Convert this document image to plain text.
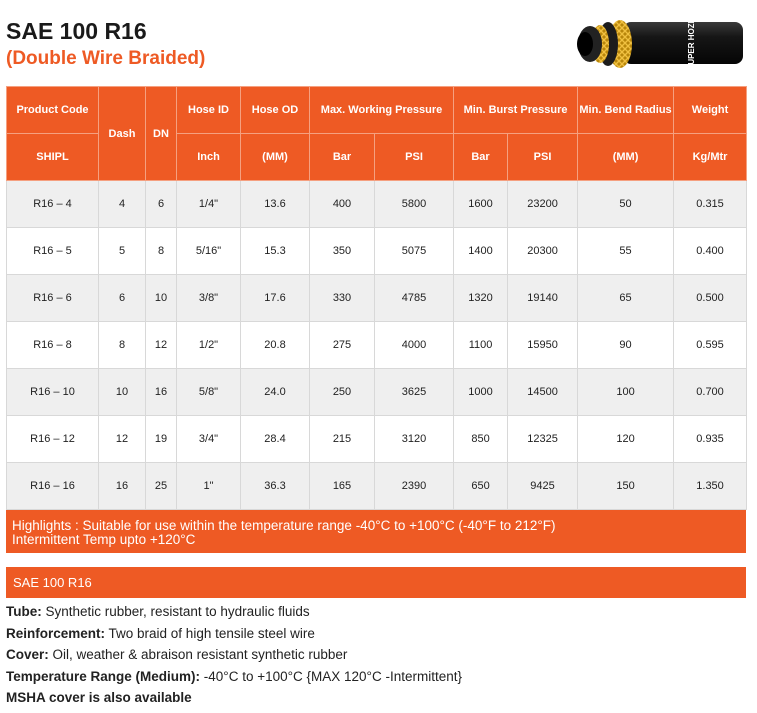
SAE 100 R16
(Double Wire Braided)	SUPER HOZE
Product Code	Dash	DN	Hose ID	Hose OD	Max. Working Pressure		Min. Burst Pressure		Min. Bend Radius	Weight
SHIPL			Inch	(MM)	Bar	PSI	Bar	PSI	(MM)	Kg/Mtr
R16 – 4	4	6	1/4"	13.6	400	5800	1600	23200	50	0.315
R16 – 5	5	8	5/16"	15.3	350	5075	1400	20300	55	0.400
R16 – 6	6	10	3/8"	17.6	330	4785	1320	19140	65	0.500
R16 – 8	8	12	1/2"	20.8	275	4000	1100	15950	90	0.595
R16 – 10	10	16	5/8"	24.0	250	3625	1000	14500	100	0.700
R16 – 12	12	19	3/4"	28.4	215	3120	850	12325	120	0.935
R16 – 16	16	25	1"	36.3	165	2390	650	9425	150	1.350
Highlights : Suitable for use within the temperature range -40°C to +100°C (-40°F to 212°F)
Intermittent Temp upto +120°C
SAE 100 R16
Tube: Synthetic rubber, resistant to hydraulic fluids
Reinforcement: Two braid of high tensile steel wire
Cover: Oil, weather & abraison resistant synthetic rubber
Temperature Range (Medium): -40°C to +100°C {MAX 120°C -Intermittent}
MSHA cover is also available
